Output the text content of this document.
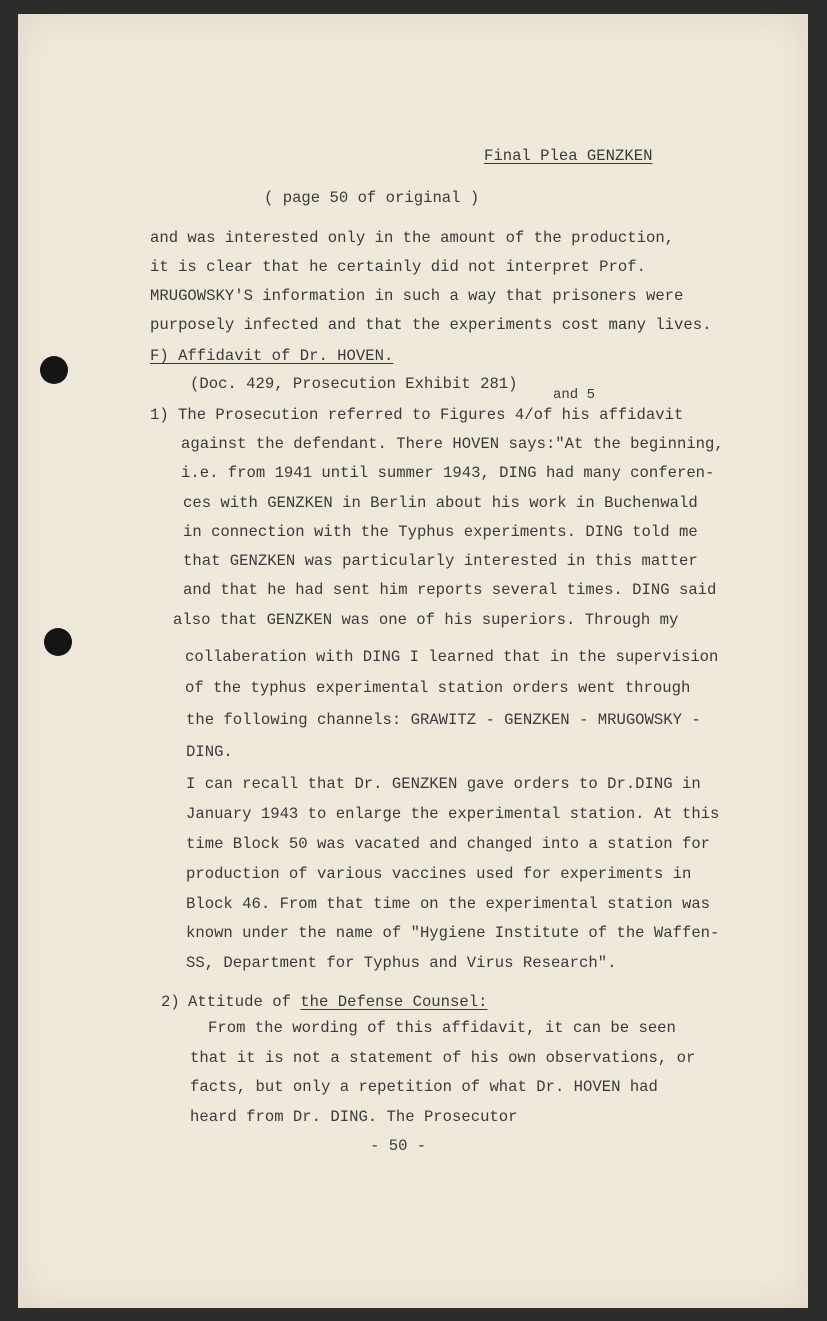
Final Plea GENZKEN
( page 50 of original )
and was interested only in the amount of the production,
it is clear that he certainly did not interpret Prof.
MRUGOWSKY'S information in such a way that prisoners were
purposely infected and that the experiments cost many lives.
F) Affidavit of Dr. HOVEN.
(Doc. 429, Prosecution Exhibit 281)
and 5
1) The Prosecution referred to Figures 4/of his affidavit
against the defendant. There HOVEN says:"At the beginning,
i.e. from 1941 until summer 1943, DING had many conferen-
ces with GENZKEN in Berlin about his work in Buchenwald
in connection with the Typhus experiments. DING told me
that GENZKEN was particularly interested in this matter
and that he had sent him reports several times. DING said
also that GENZKEN was one of his superiors. Through my
collaberation with DING I learned that in the supervision
of the typhus experimental station orders went through
the following channels: GRAWITZ - GENZKEN - MRUGOWSKY -
DING.
I can recall that Dr. GENZKEN gave orders to Dr.DING in
January 1943 to enlarge the experimental station. At this
time Block 50 was vacated and changed into a station for
production of various vaccines used for experiments in
Block 46. From that time on the experimental station was
known under the name of "Hygiene Institute of the Waffen-
SS, Department for Typhus and Virus Research".
2) Attitude of the Defense Counsel:
From the wording of this affidavit, it can be seen
that it is not a statement of his own observations, or
facts, but only a repetition of what Dr. HOVEN had
heard from Dr. DING. The Prosecutor
- 50 -
